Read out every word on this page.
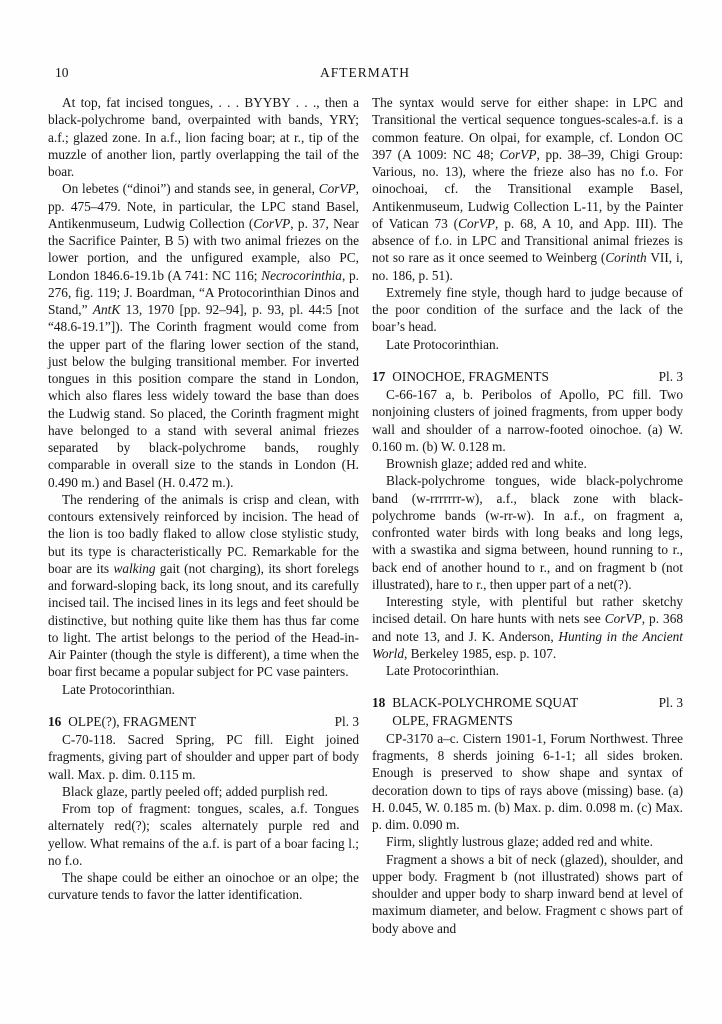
10	AFTERMATH

At top, fat incised tongues, . . . BYYBY . . ., then a black-polychrome band, overpainted with bands, YRY; a.f.; glazed zone. In a.f., lion facing boar; at r., tip of the muzzle of another lion, partly overlapping the tail of the boar.

On lebetes (“dinoi”) and stands see, in general, CorVP, pp. 475–479. Note, in particular, the LPC stand Basel, Antikenmuseum, Ludwig Collection (CorVP, p. 37, Near the Sacrifice Painter, B 5) with two animal friezes on the lower portion, and the unfigured example, also PC, London 1846.6-19.1b (A 741: NC 116; Necrocorinthia, p. 276, fig. 119; J. Boardman, “A Protocorinthian Dinos and Stand,” AntK 13, 1970 [pp. 92–94], p. 93, pl. 44:5 [not “48.6-19.1”]). The Corinth fragment would come from the upper part of the flaring lower section of the stand, just below the bulging transitional member. For inverted tongues in this position compare the stand in London, which also flares less widely toward the base than does the Ludwig stand. So placed, the Corinth fragment might have belonged to a stand with several animal friezes separated by black-polychrome bands, roughly comparable in overall size to the stands in London (H. 0.490 m.) and Basel (H. 0.472 m.).

The rendering of the animals is crisp and clean, with contours extensively reinforced by incision. The head of the lion is too badly flaked to allow close stylistic study, but its type is characteristically PC. Remarkable for the boar are its walking gait (not charging), its short forelegs and forward-sloping back, its long snout, and its carefully incised tail. The incised lines in its legs and feet should be distinctive, but nothing quite like them has thus far come to light. The artist belongs to the period of the Head-in-Air Painter (though the style is different), a time when the boar first became a popular subject for PC vase painters.

Late Protocorinthian.

16 OLPE(?), FRAGMENT	Pl. 3

C-70-118. Sacred Spring, PC fill. Eight joined fragments, giving part of shoulder and upper part of body wall. Max. p. dim. 0.115 m.

Black glaze, partly peeled off; added purplish red.

From top of fragment: tongues, scales, a.f. Tongues alternately red(?); scales alternately purple red and yellow. What remains of the a.f. is part of a boar facing l.; no f.o.

The shape could be either an oinochoe or an olpe; the curvature tends to favor the latter identification.

The syntax would serve for either shape: in LPC and Transitional the vertical sequence tongues-scales-a.f. is a common feature. On olpai, for example, cf. London OC 397 (A 1009: NC 48; CorVP, pp. 38–39, Chigi Group: Various, no. 13), where the frieze also has no f.o. For oinochoai, cf. the Transitional example Basel, Antikenmuseum, Ludwig Collection L-11, by the Painter of Vatican 73 (CorVP, p. 68, A 10, and App. III). The absence of f.o. in LPC and Transitional animal friezes is not so rare as it once seemed to Weinberg (Corinth VII, i, no. 186, p. 51).

Extremely fine style, though hard to judge because of the poor condition of the surface and the lack of the boar’s head.

Late Protocorinthian.

17 OINOCHOE, FRAGMENTS	Pl. 3

C-66-167 a, b. Peribolos of Apollo, PC fill. Two nonjoining clusters of joined fragments, from upper body wall and shoulder of a narrow-footed oinochoe. (a) W. 0.160 m. (b) W. 0.128 m.

Brownish glaze; added red and white.

Black-polychrome tongues, wide black-polychrome band (w-rrrrrrr-w), a.f., black zone with black-polychrome bands (w-rr-w). In a.f., on fragment a, confronted water birds with long beaks and long legs, with a swastika and sigma between, hound running to r., back end of another hound to r., and on fragment b (not illustrated), hare to r., then upper part of a net(?).

Interesting style, with plentiful but rather sketchy incised detail. On hare hunts with nets see CorVP, p. 368 and note 13, and J. K. Anderson, Hunting in the Ancient World, Berkeley 1985, esp. p. 107.

Late Protocorinthian.

18 BLACK-POLYCHROME SQUAT
OLPE, FRAGMENTS
Pl. 3

CP-3170 a–c. Cistern 1901-1, Forum Northwest. Three fragments, 8 sherds joining 6-1-1; all sides broken. Enough is preserved to show shape and syntax of decoration down to tips of rays above (missing) base. (a) H. 0.045, W. 0.185 m. (b) Max. p. dim. 0.098 m. (c) Max. p. dim. 0.090 m.

Firm, slightly lustrous glaze; added red and white.

Fragment a shows a bit of neck (glazed), shoulder, and upper body. Fragment b (not illustrated) shows part of shoulder and upper body to sharp inward bend at level of maximum diameter, and below. Fragment c shows part of body above and
